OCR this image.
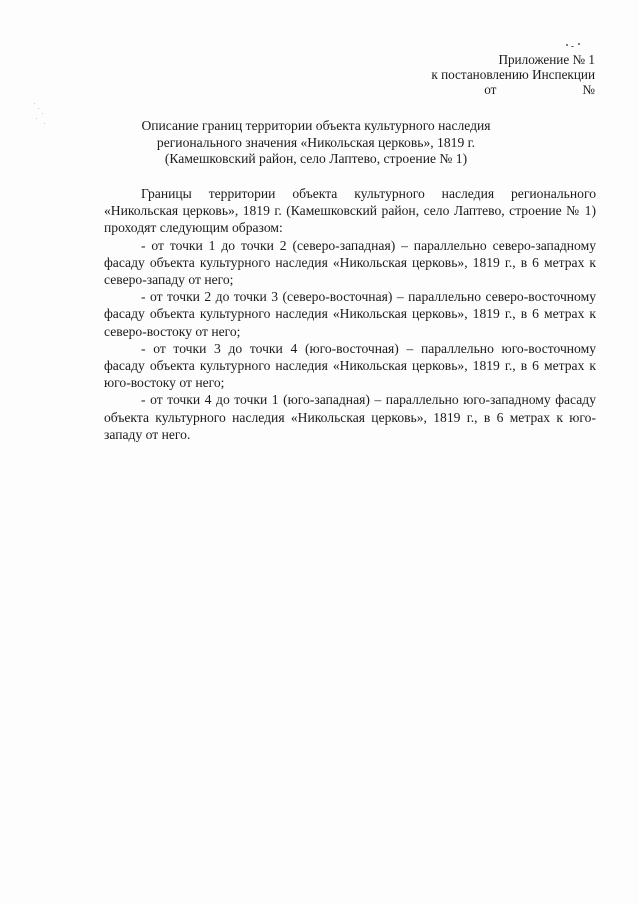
Приложение № 1
к постановлению Инспекции
от	№
Описание границ территории объекта культурного наследия
регионального значения «Никольская церковь», 1819 г.
(Камешковский район, село Лаптево, строение № 1)

Границы территории объекта культурного наследия регионального «Никольская церковь», 1819 г. (Камешковский район, село Лаптево, строение № 1) проходят следующим образом:

- от точки 1 до точки 2 (северо-западная) – параллельно северо-западному фасаду объекта культурного наследия «Никольская церковь», 1819 г., в 6 метрах к северо-западу от него;

- от точки 2 до точки 3 (северо-восточная) – параллельно северо-восточному фасаду объекта культурного наследия «Никольская церковь», 1819 г., в 6 метрах к северо-востоку от него;

- от точки 3 до точки 4 (юго-восточная) – параллельно юго-восточному фасаду объекта культурного наследия «Никольская церковь», 1819 г., в 6 метрах к юго-востоку от него;

- от точки 4 до точки 1 (юго-западная) – параллельно юго-западному фасаду объекта культурного наследия «Никольская церковь», 1819 г., в 6 метрах к юго-западу от него.
